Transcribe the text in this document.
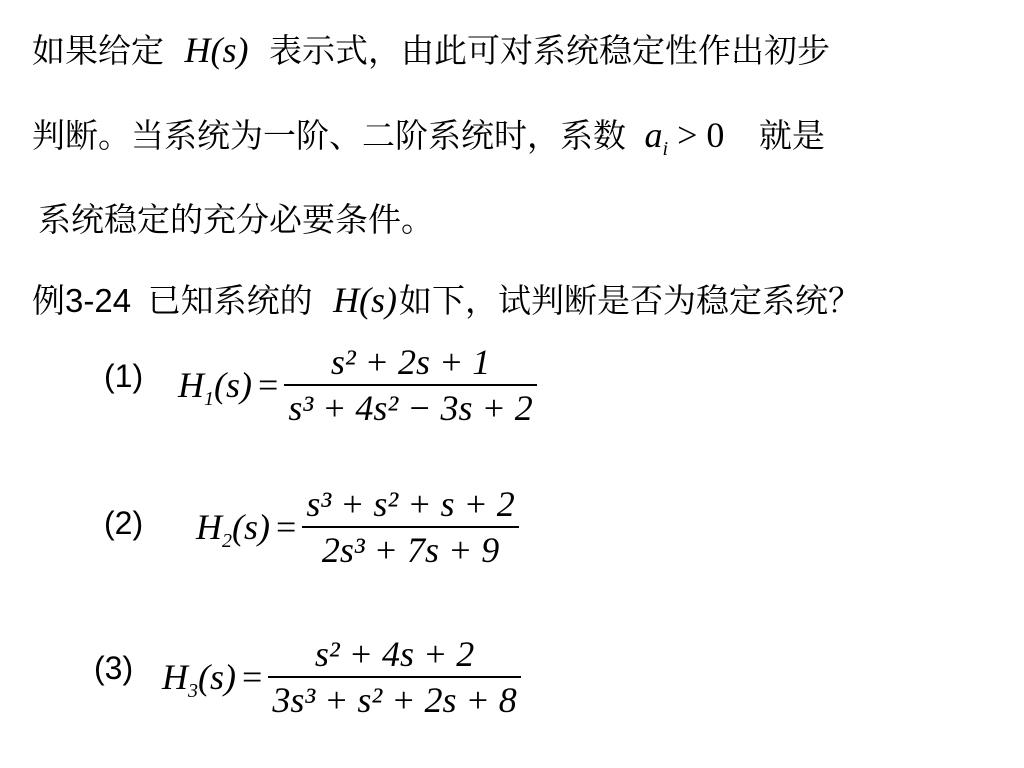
如果给定 H(s) 表示式，由此可对系统稳定性作出初步
判断。当系统为一阶、二阶系统时，系数 $a_i > 0$ 就是
系统稳定的充分必要条件。
例3-24 已知系统的 H(s)如下，试判断是否为稳定系统？
(1) $H_1(s) = \frac{\text{s² + 2s + 1}}{\text{s³ + 4s² − 3s + 2}}$
(2) $H_2(s) = \frac{\text{s³ + s² + s + 2}}{\text{2s³ + 7s + 9}}$
(3) $H_3(s) = \frac{\text{s² + 4s + 2}}{\text{3s³ + s² + 2s + 8}}$
